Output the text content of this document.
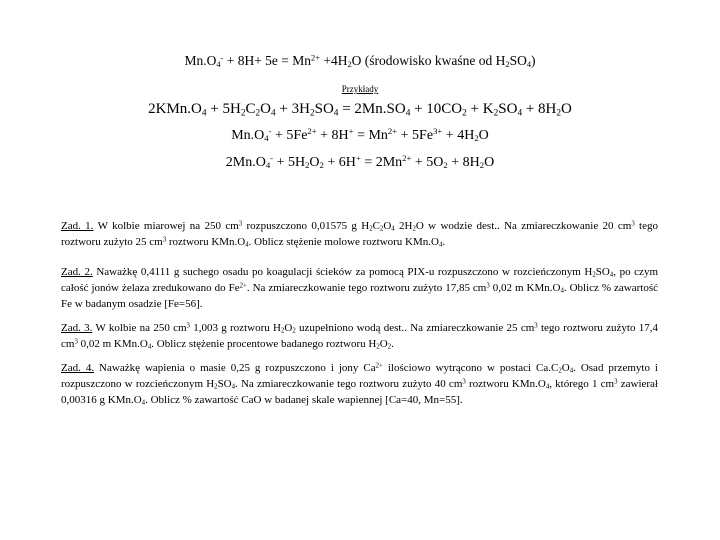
$Mn.O_4^- + 8H+ 5e = Mn^{2+} +4H_2O$ (środowisko kwaśne od $H_2SO_4$)
Przykłady
$2KMn.O_4 + 5H_2C_2O_4 + 3H_2SO_4 = 2Mn.SO_4 + 10CO_2 + K_2SO_4 + 8H_2O$
$Mn.O_4^- + 5Fe^{2+} + 8H^+ = Mn^{2+} + 5Fe^{3+} + 4H_2O$
$2Mn.O_4^- + 5H_2O_2 + 6H^+ = 2Mn^{2+} + 5O_2 + 8H_2O$
Zad. 1. W kolbie miarowej na 250 $cm^3$ rozpuszczono 0,01575 g $H_2C_2O_4$ $2H_2O$ w wodzie dest.. Na zmiareczkowanie 20 $cm^3$ tego roztworu zużyto 25 $cm^3$ roztworu $KMn.O_4$. Oblicz stężenie molowe roztworu $KMn.O_4$.
Zad. 2. Naważkę 0,4111 g suchego osadu po koagulacji ścieków za pomocą PIX-u rozpuszczono w rozcieńczonym $H_2SO_4$, po czym całość jonów żelaza zredukowano do $Fe^{2+}$. Na zmiareczkowanie tego roztworu zużyto 17,85 $cm^3$ 0,02 m $KMn.O_4$. Oblicz % zawartość Fe w badanym osadzie [Fe=56].
Zad. 3. W kolbie na 250 $cm^3$ 1,003 g roztworu $H_2O_2$ uzupełniono wodą dest.. Na zmiareczkowanie 25 $cm^3$ tego roztworu zużyto 17,4 $cm^3$ 0,02 m $KMn.O_4$. Oblicz stężenie procentowe badanego roztworu $H_2O_2$.
Zad. 4. Naważkę wapienia o masie 0,25 g rozpuszczono i jony $Ca^{2+}$ ilościowo wytrącono w postaci $Ca.C_2O_4$. Osad przemyto i rozpuszczono w rozcieńczonym $H_2SO_4$. Na zmiareczkowanie tego roztworu zużyto 40 $cm^3$ roztworu $KMn.O_4$, którego 1 $cm^3$ zawierał 0,00316 g $KMn.O_4$. Oblicz % zawartość CaO w badanej skale wapiennej [Ca=40, Mn=55].
